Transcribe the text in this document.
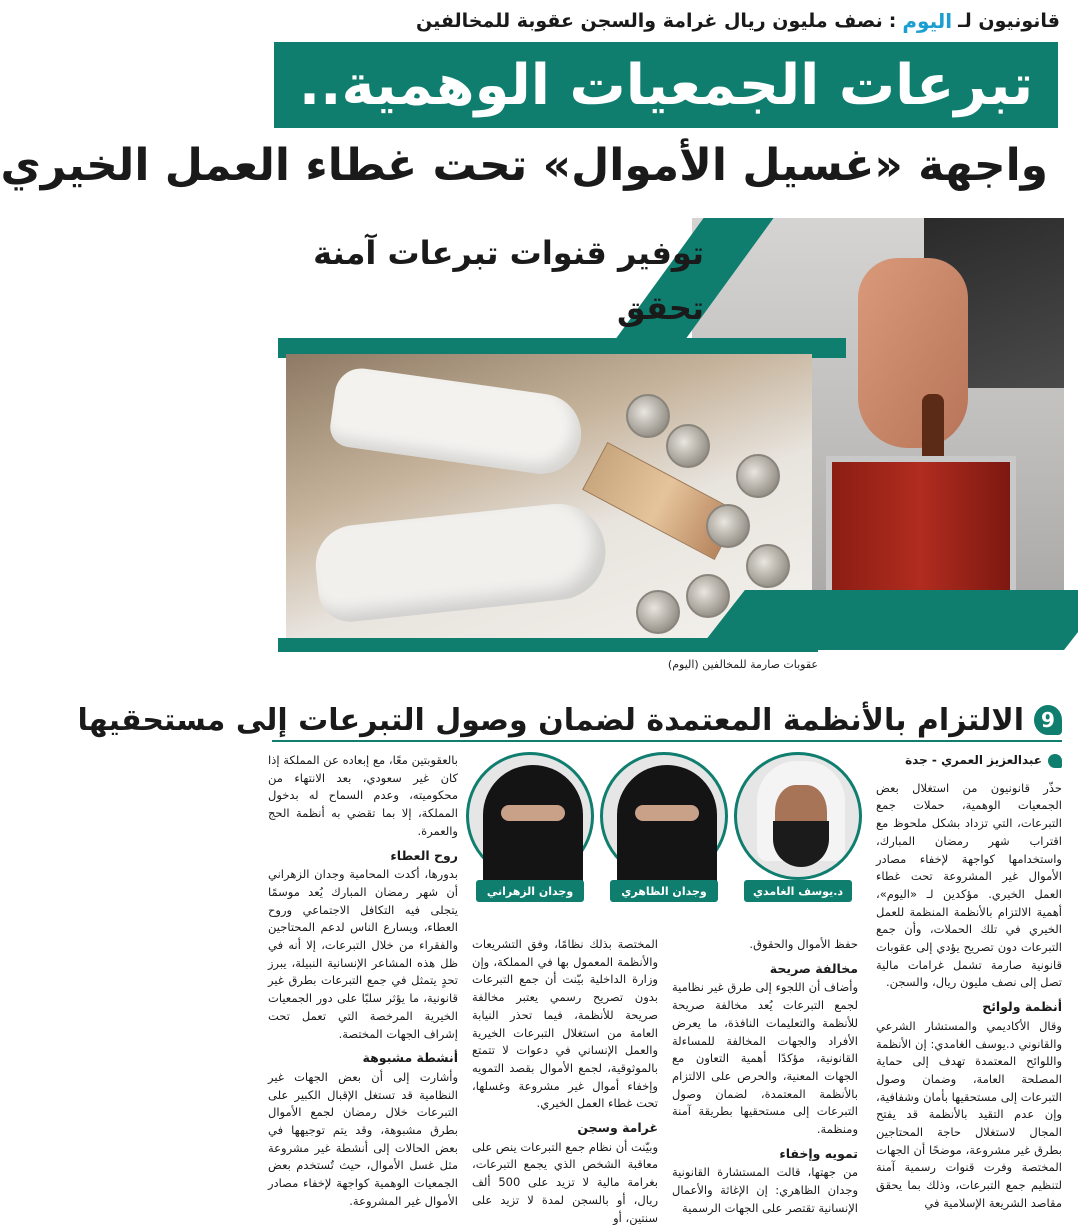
قانونيون لـ
اليوم
:
نصف مليون ريال غرامة والسجن عقوبة للمخالفين
تبرعات الجمعيات الوهمية..
واجهة «غسيل الأموال» تحت غطاء العمل الخيري
توفير قنوات تبرعات آمنة تحقق
عقوبات صارمة للمخالفين (اليوم)
9
الالتزام بالأنظمة المعتمدة لضمان وصول التبرعات إلى مستحقيها
عبدالعزيز العمري - جدة

حذّر قانونيون من استغلال بعض الجمعيات الوهمية، حملات جمع التبرعات، التي تزداد بشكل ملحوظ مع اقتراب شهر رمضان المبارك، واستخدامها كواجهة لإخفاء مصادر الأموال غير المشروعة تحت غطاء العمل الخيري. مؤكدين لـ «اليوم»، أهمية الالتزام بالأنظمة المنظمة للعمل الخيري في تلك الحملات، وأن جمع التبرعات دون تصريح يؤدي إلى عقوبات قانونية صارمة تشمل غرامات مالية تصل إلى نصف مليون ريال، والسجن.

أنظمة ولوائح

وقال الأكاديمي والمستشار الشرعي والقانوني د.يوسف الغامدي: إن الأنظمة واللوائح المعتمدة تهدف إلى حماية المصلحة العامة، وضمان وصول التبرعات إلى مستحقيها بأمان وشفافية، وإن عدم التقيد بالأنظمة قد يفتح المجال لاستغلال حاجة المحتاجين بطرق غير مشروعة، موضحًا أن الجهات المختصة وفرت قنوات رسمية آمنة لتنظيم جمع التبرعات، وذلك بما يحقق مقاصد الشريعة الإسلامية في

د.يوسف الغامدي
وجدان الظاهري
وجدان الزهراني

حفظ الأموال والحقوق.

مخالفة صريحة

وأضاف أن اللجوء إلى طرق غير نظامية لجمع التبرعات يُعد مخالفة صريحة للأنظمة والتعليمات النافذة، ما يعرض الأفراد والجهات المخالفة للمساءلة القانونية، مؤكدًا أهمية التعاون مع الجهات المعنية، والحرص على الالتزام بالأنظمة المعتمدة، لضمان وصول التبرعات إلى مستحقيها بطريقة آمنة ومنظمة.

تمويه وإخفاء

من جهتها، قالت المستشارة القانونية وجدان الظاهري: إن الإغاثة والأعمال الإنسانية تقتصر على الجهات الرسمية

المختصة بذلك نظامًا، وفق التشريعات والأنظمة المعمول بها في المملكة، وإن وزارة الداخلية بيّنت أن جمع التبرعات بدون تصريح رسمي يعتبر مخالفة صريحة للأنظمة، فيما تحذر النيابة العامة من استغلال التبرعات الخيرية والعمل الإنساني في دعوات لا تتمتع بالموثوقية، لجمع الأموال بقصد التمويه وإخفاء أموال غير مشروعة وغسلها، تحت غطاء العمل الخيري.

غرامة وسجن

وبيّنت أن نظام جمع التبرعات ينص على معاقبة الشخص الذي يجمع التبرعات، بغرامة مالية لا تزيد على 500 ألف ريال، أو بالسجن لمدة لا تزيد على سنتين، أو

بالعقوبتين معًا، مع إبعاده عن المملكة إذا كان غير سعودي، بعد الانتهاء من محكوميته، وعدم السماح له بدخول المملكة، إلا بما تقضي به أنظمة الحج والعمرة.

روح العطاء

بدورها، أكدت المحامية وجدان الزهراني أن شهر رمضان المبارك يُعد موسمًا يتجلى فيه التكافل الاجتماعي وروح العطاء، ويسارع الناس لدعم المحتاجين والفقراء من خلال التبرعات، إلا أنه في ظل هذه المشاعر الإنسانية النبيلة، يبرز تحدٍ يتمثل في جمع التبرعات بطرق غير قانونية، ما يؤثر سلبًا على دور الجمعيات الخيرية المرخصة التي تعمل تحت إشراف الجهات المختصة.

أنشطة مشبوهة

وأشارت إلى أن بعض الجهات غير النظامية قد تستغل الإقبال الكبير على التبرعات خلال رمضان لجمع الأموال بطرق مشبوهة، وقد يتم توجيهها في بعض الحالات إلى أنشطة غير مشروعة مثل غسل الأموال، حيث تُستخدم بعض الجمعيات الوهمية كواجهة لإخفاء مصادر الأموال غير المشروعة.
